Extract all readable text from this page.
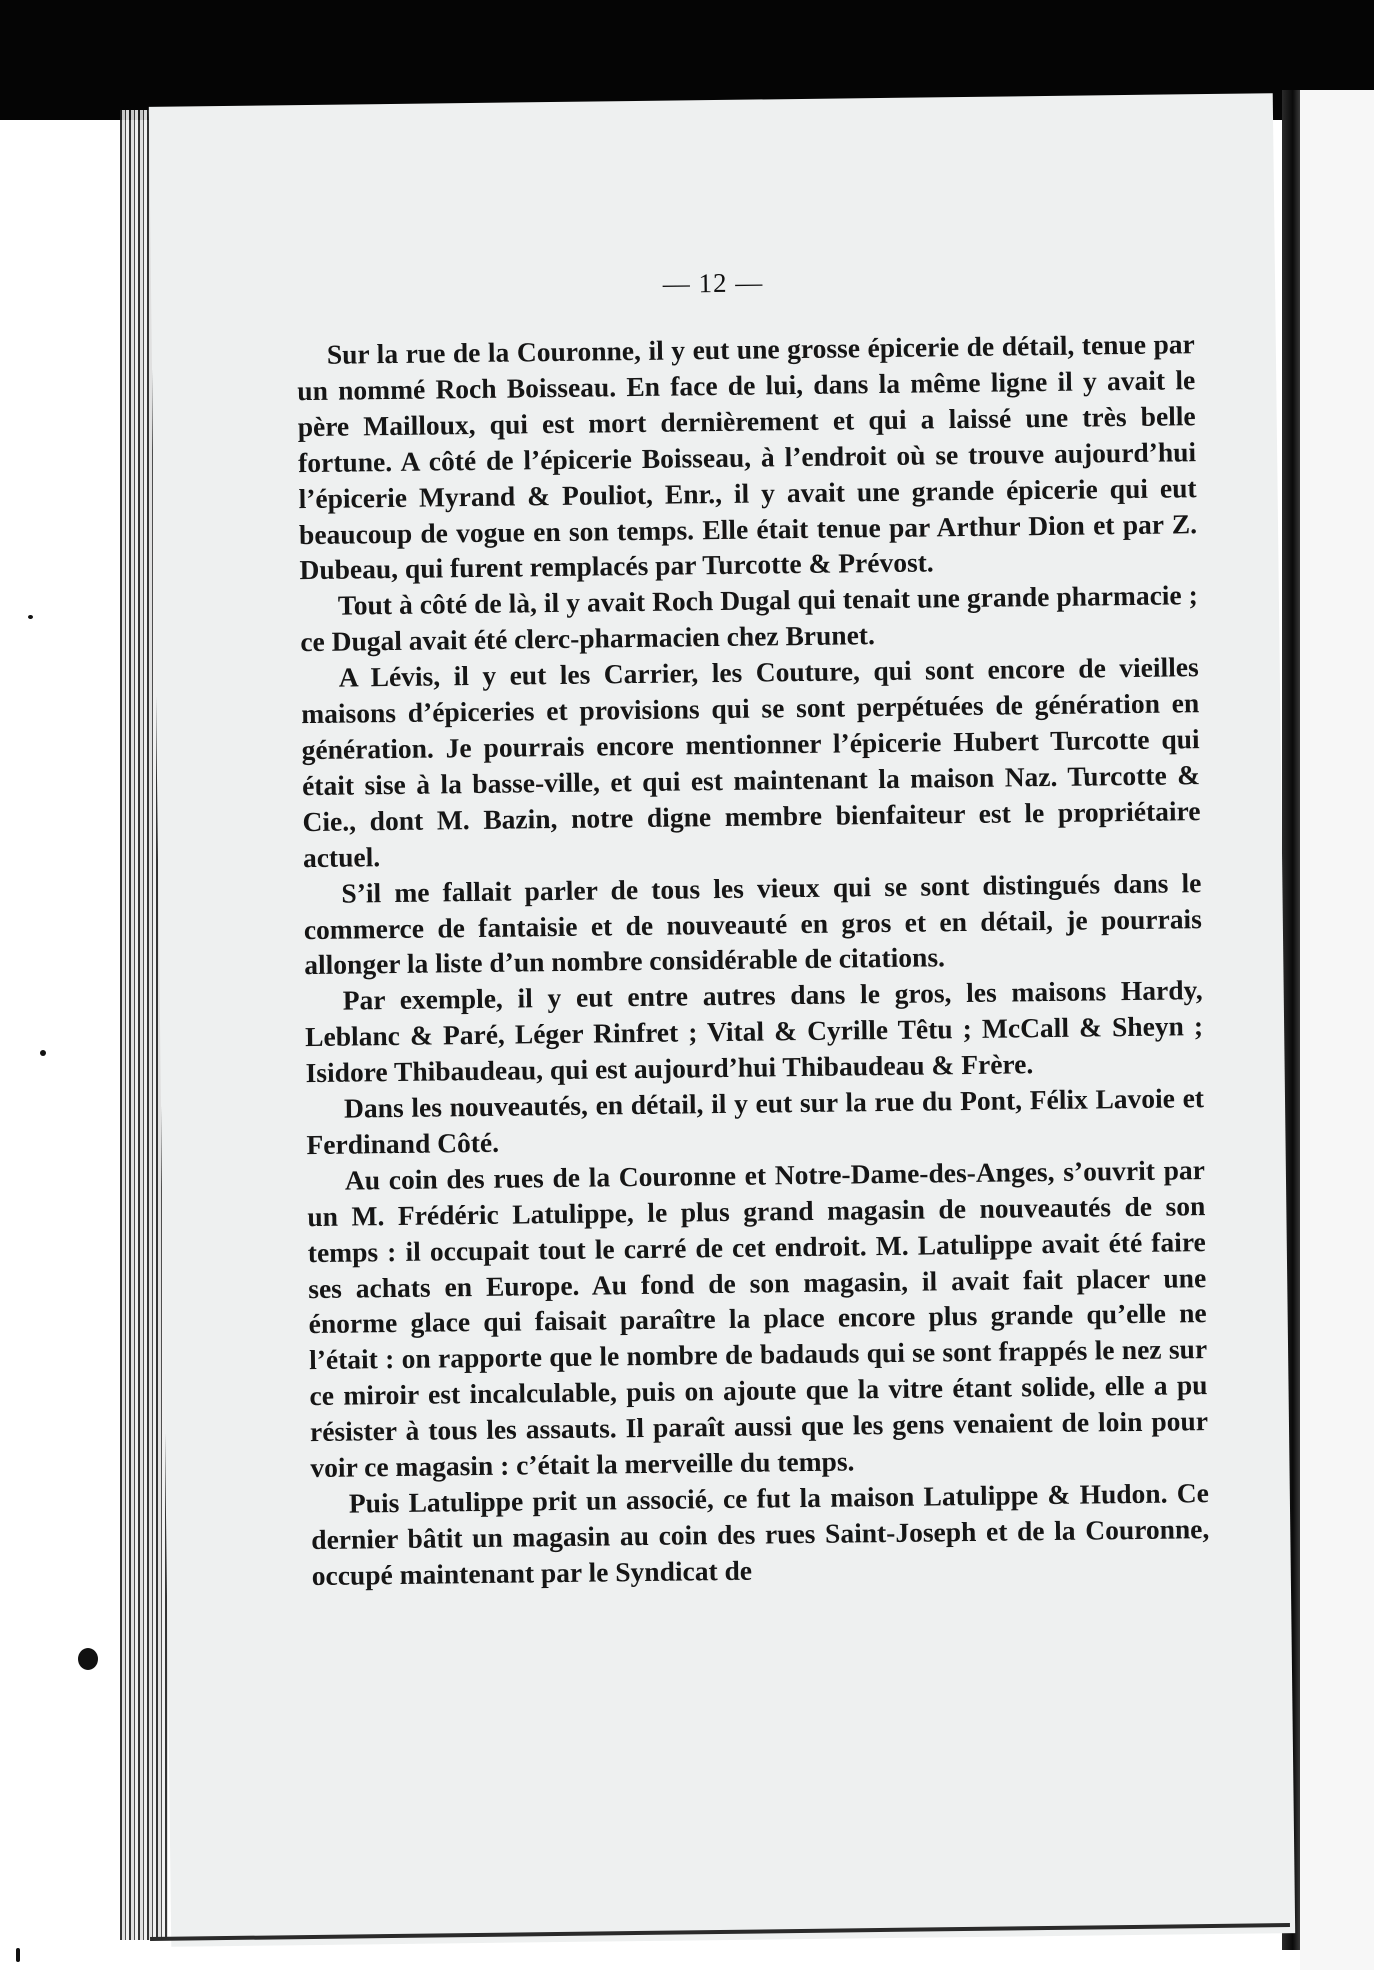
— 12 —

Sur la rue de la Couronne, il y eut une grosse épicerie de détail, tenue par un nommé Roch Boisseau. En face de lui, dans la même ligne il y avait le père Mailloux, qui est mort dernièrement et qui a laissé une très belle fortune. A côté de l’épicerie Boisseau, à l’endroit où se trouve aujourd’hui l’épicerie Myrand & Pouliot, Enr., il y avait une grande épicerie qui eut beaucoup de vogue en son temps. Elle était tenue par Arthur Dion et par Z. Dubeau, qui furent remplacés par Turcotte & Prévost.

Tout à côté de là, il y avait Roch Dugal qui tenait une grande pharmacie ; ce Dugal avait été clerc-pharmacien chez Brunet.

A Lévis, il y eut les Carrier, les Couture, qui sont encore de vieilles maisons d’épiceries et provisions qui se sont perpétuées de génération en génération. Je pourrais encore mentionner l’épicerie Hubert Turcotte qui était sise à la basse-ville, et qui est maintenant la maison Naz. Turcotte & Cie., dont M. Bazin, notre digne membre bienfaiteur est le propriétaire actuel.

S’il me fallait parler de tous les vieux qui se sont distingués dans le commerce de fantaisie et de nouveauté en gros et en détail, je pourrais allonger la liste d’un nombre considérable de citations.

Par exemple, il y eut entre autres dans le gros, les maisons Hardy, Leblanc & Paré, Léger Rinfret ; Vital & Cyrille Têtu ; McCall & Sheyn ; Isidore Thibaudeau, qui est aujourd’hui Thibaudeau & Frère.

Dans les nouveautés, en détail, il y eut sur la rue du Pont, Félix Lavoie et Ferdinand Côté.

Au coin des rues de la Couronne et Notre-Dame-des-Anges, s’ouvrit par un M. Frédéric Latulippe, le plus grand magasin de nouveautés de son temps : il occupait tout le carré de cet endroit. M. Latulippe avait été faire ses achats en Europe. Au fond de son magasin, il avait fait placer une énorme glace qui faisait paraître la place encore plus grande qu’elle ne l’était : on rapporte que le nombre de badauds qui se sont frappés le nez sur ce miroir est incalculable, puis on ajoute que la vitre étant solide, elle a pu résister à tous les assauts. Il paraît aussi que les gens venaient de loin pour voir ce magasin : c’était la merveille du temps.

Puis Latulippe prit un associé, ce fut la maison Latulippe & Hudon. Ce dernier bâtit un magasin au coin des rues Saint-Joseph et de la Couronne, occupé maintenant par le Syndicat de
